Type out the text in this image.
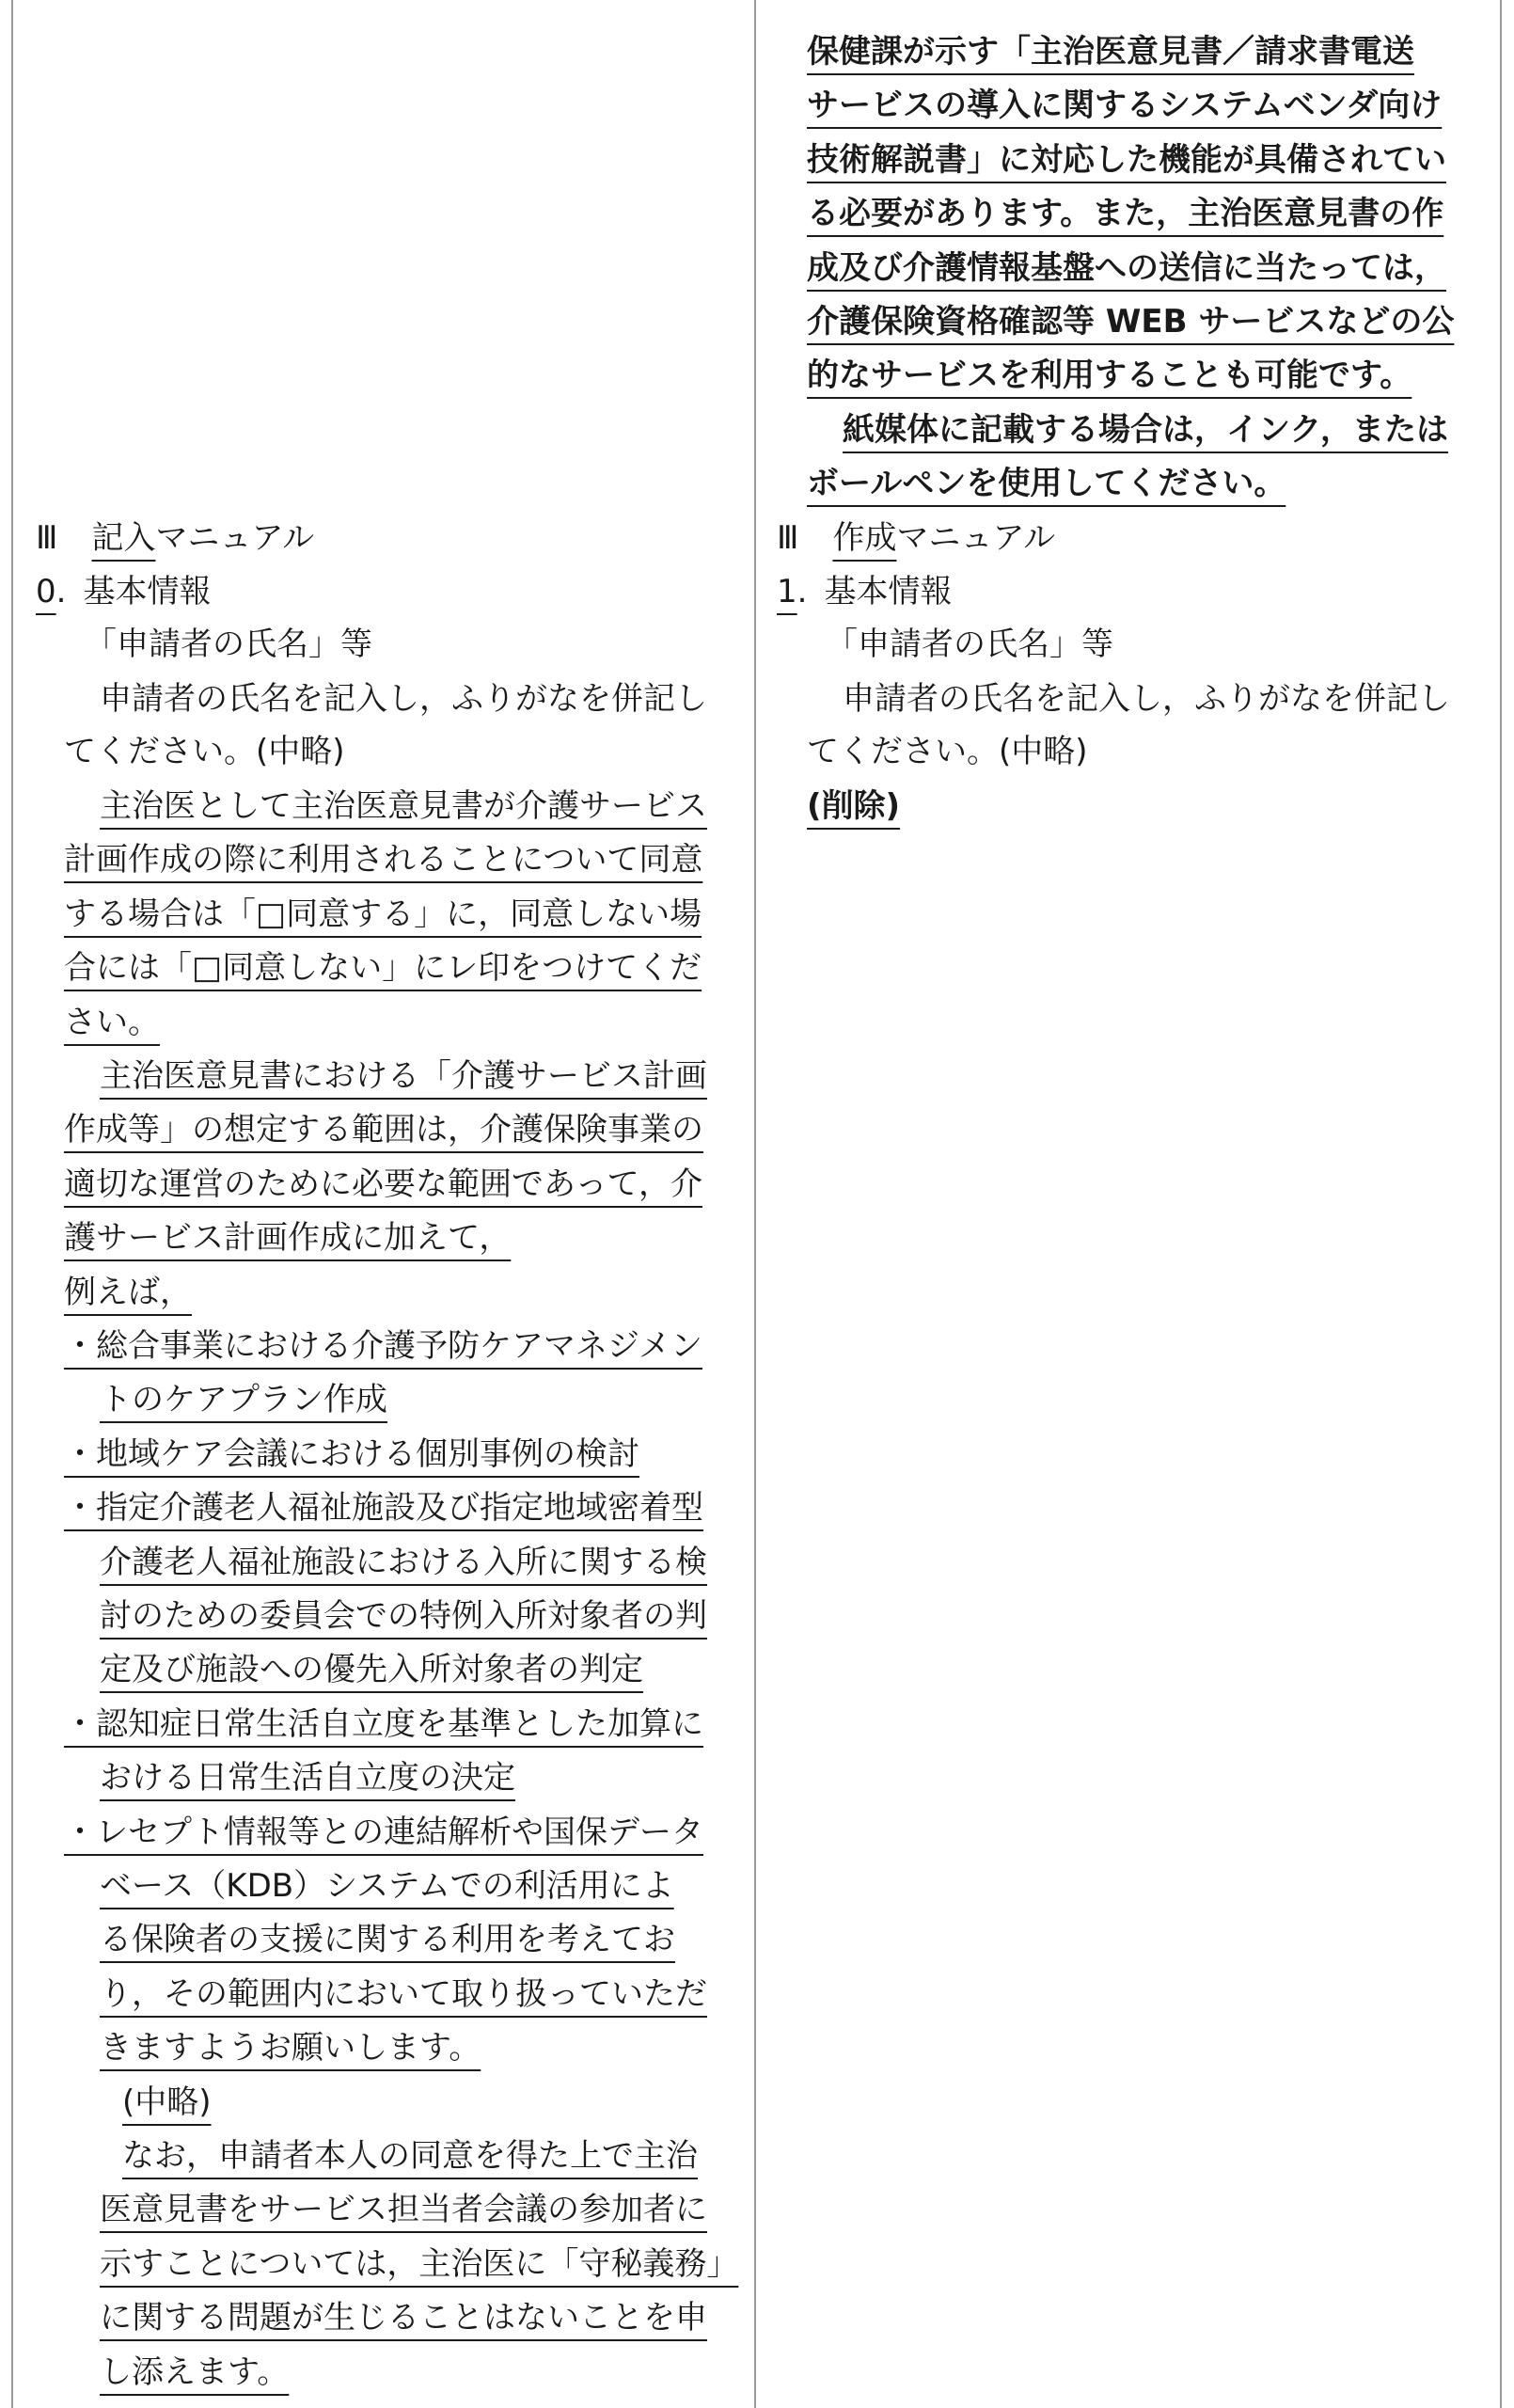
Ⅲ 記入マニュアル
0. 基本情報
「申請者の氏名」等
申請者の氏名を記入し，ふりがなを併記し
てください。(中略)
主治医として主治医意見書が介護サービス
計画作成の際に利用されることについて同意
する場合は「□同意する」に，同意しない場
合には「□同意しない」にレ印をつけてくだ
さい。
主治医意見書における「介護サービス計画
作成等」の想定する範囲は，介護保険事業の
適切な運営のために必要な範囲であって，介
護サービス計画作成に加えて，
例えば，
・総合事業における介護予防ケアマネジメン
トのケアプラン作成
・地域ケア会議における個別事例の検討
・指定介護老人福祉施設及び指定地域密着型
介護老人福祉施設における入所に関する検
討のための委員会での特例入所対象者の判
定及び施設への優先入所対象者の判定
・認知症日常生活自立度を基準とした加算に
おける日常生活自立度の決定
・レセプト情報等との連結解析や国保データ
ベース（KDB）システムでの利活用によ
る保険者の支援に関する利用を考えてお
り，その範囲内において取り扱っていただ
きますようお願いします。
(中略)
なお，申請者本人の同意を得た上で主治
医意見書をサービス担当者会議の参加者に
示すことについては，主治医に「守秘義務」
に関する問題が生じることはないことを申
し添えます。
保健課が示す「主治医意見書／請求書電送
サービスの導入に関するシステムベンダ向け
技術解説書」に対応した機能が具備されてい
る必要があります。また，主治医意見書の作
成及び介護情報基盤への送信に当たっては，
介護保険資格確認等 WEB サービスなどの公
的なサービスを利用することも可能です。
紙媒体に記載する場合は，インク，または
ボールペンを使用してください。
Ⅲ 作成マニュアル
1. 基本情報
「申請者の氏名」等
申請者の氏名を記入し，ふりがなを併記し
てください。(中略)
(削除)
